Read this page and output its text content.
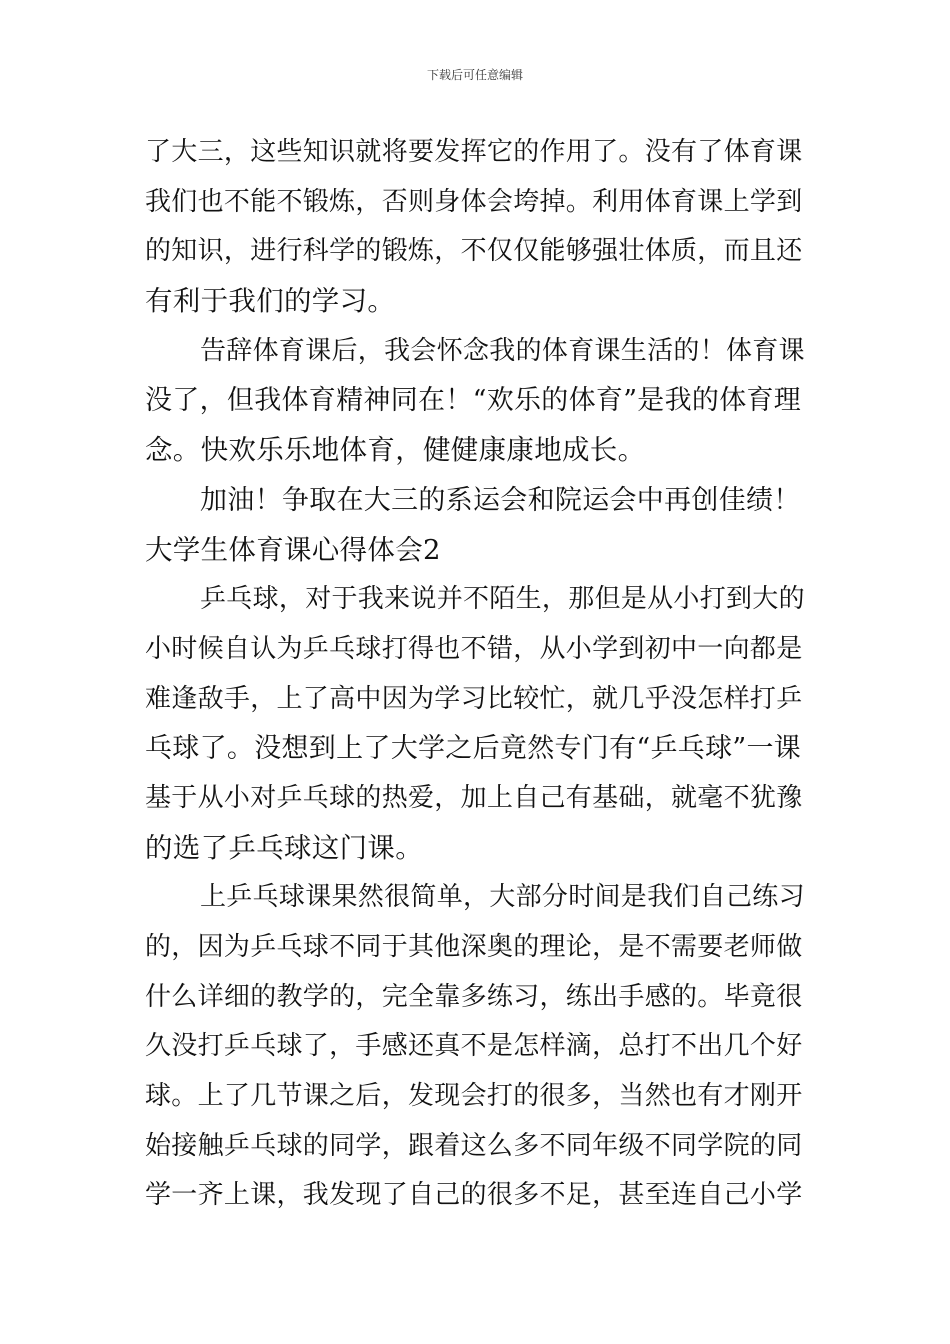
下载后可任意编辑
了大三，这些知识就将要发挥它的作用了。没有了体育课
我们也不能不锻炼，否则身体会垮掉。利用体育课上学到
的知识，进行科学的锻炼，不仅仅能够强壮体质，而且还
有利于我们的学习。
告辞体育课后，我会怀念我的体育课生活的！体育课
没了，但我体育精神同在！“欢乐的体育”是我的体育理
念。快欢乐乐地体育，健健康康地成长。
加油！争取在大三的系运会和院运会中再创佳绩！
大学生体育课心得体会2
乒乓球，对于我来说并不陌生，那但是从小打到大的
小时候自认为乒乓球打得也不错，从小学到初中一向都是
难逢敌手，上了高中因为学习比较忙，就几乎没怎样打乒
乓球了。没想到上了大学之后竟然专门有“乒乓球”一课
基于从小对乒乓球的热爱，加上自己有基础，就毫不犹豫
的选了乒乓球这门课。
上乒乓球课果然很简单，大部分时间是我们自己练习
的，因为乒乓球不同于其他深奥的理论，是不需要老师做
什么详细的教学的，完全靠多练习，练出手感的。毕竟很
久没打乒乓球了，手感还真不是怎样滴，总打不出几个好
球。上了几节课之后，发现会打的很多，当然也有才刚开
始接触乒乓球的同学，跟着这么多不同年级不同学院的同
学一齐上课，我发现了自己的很多不足，甚至连自己小学
